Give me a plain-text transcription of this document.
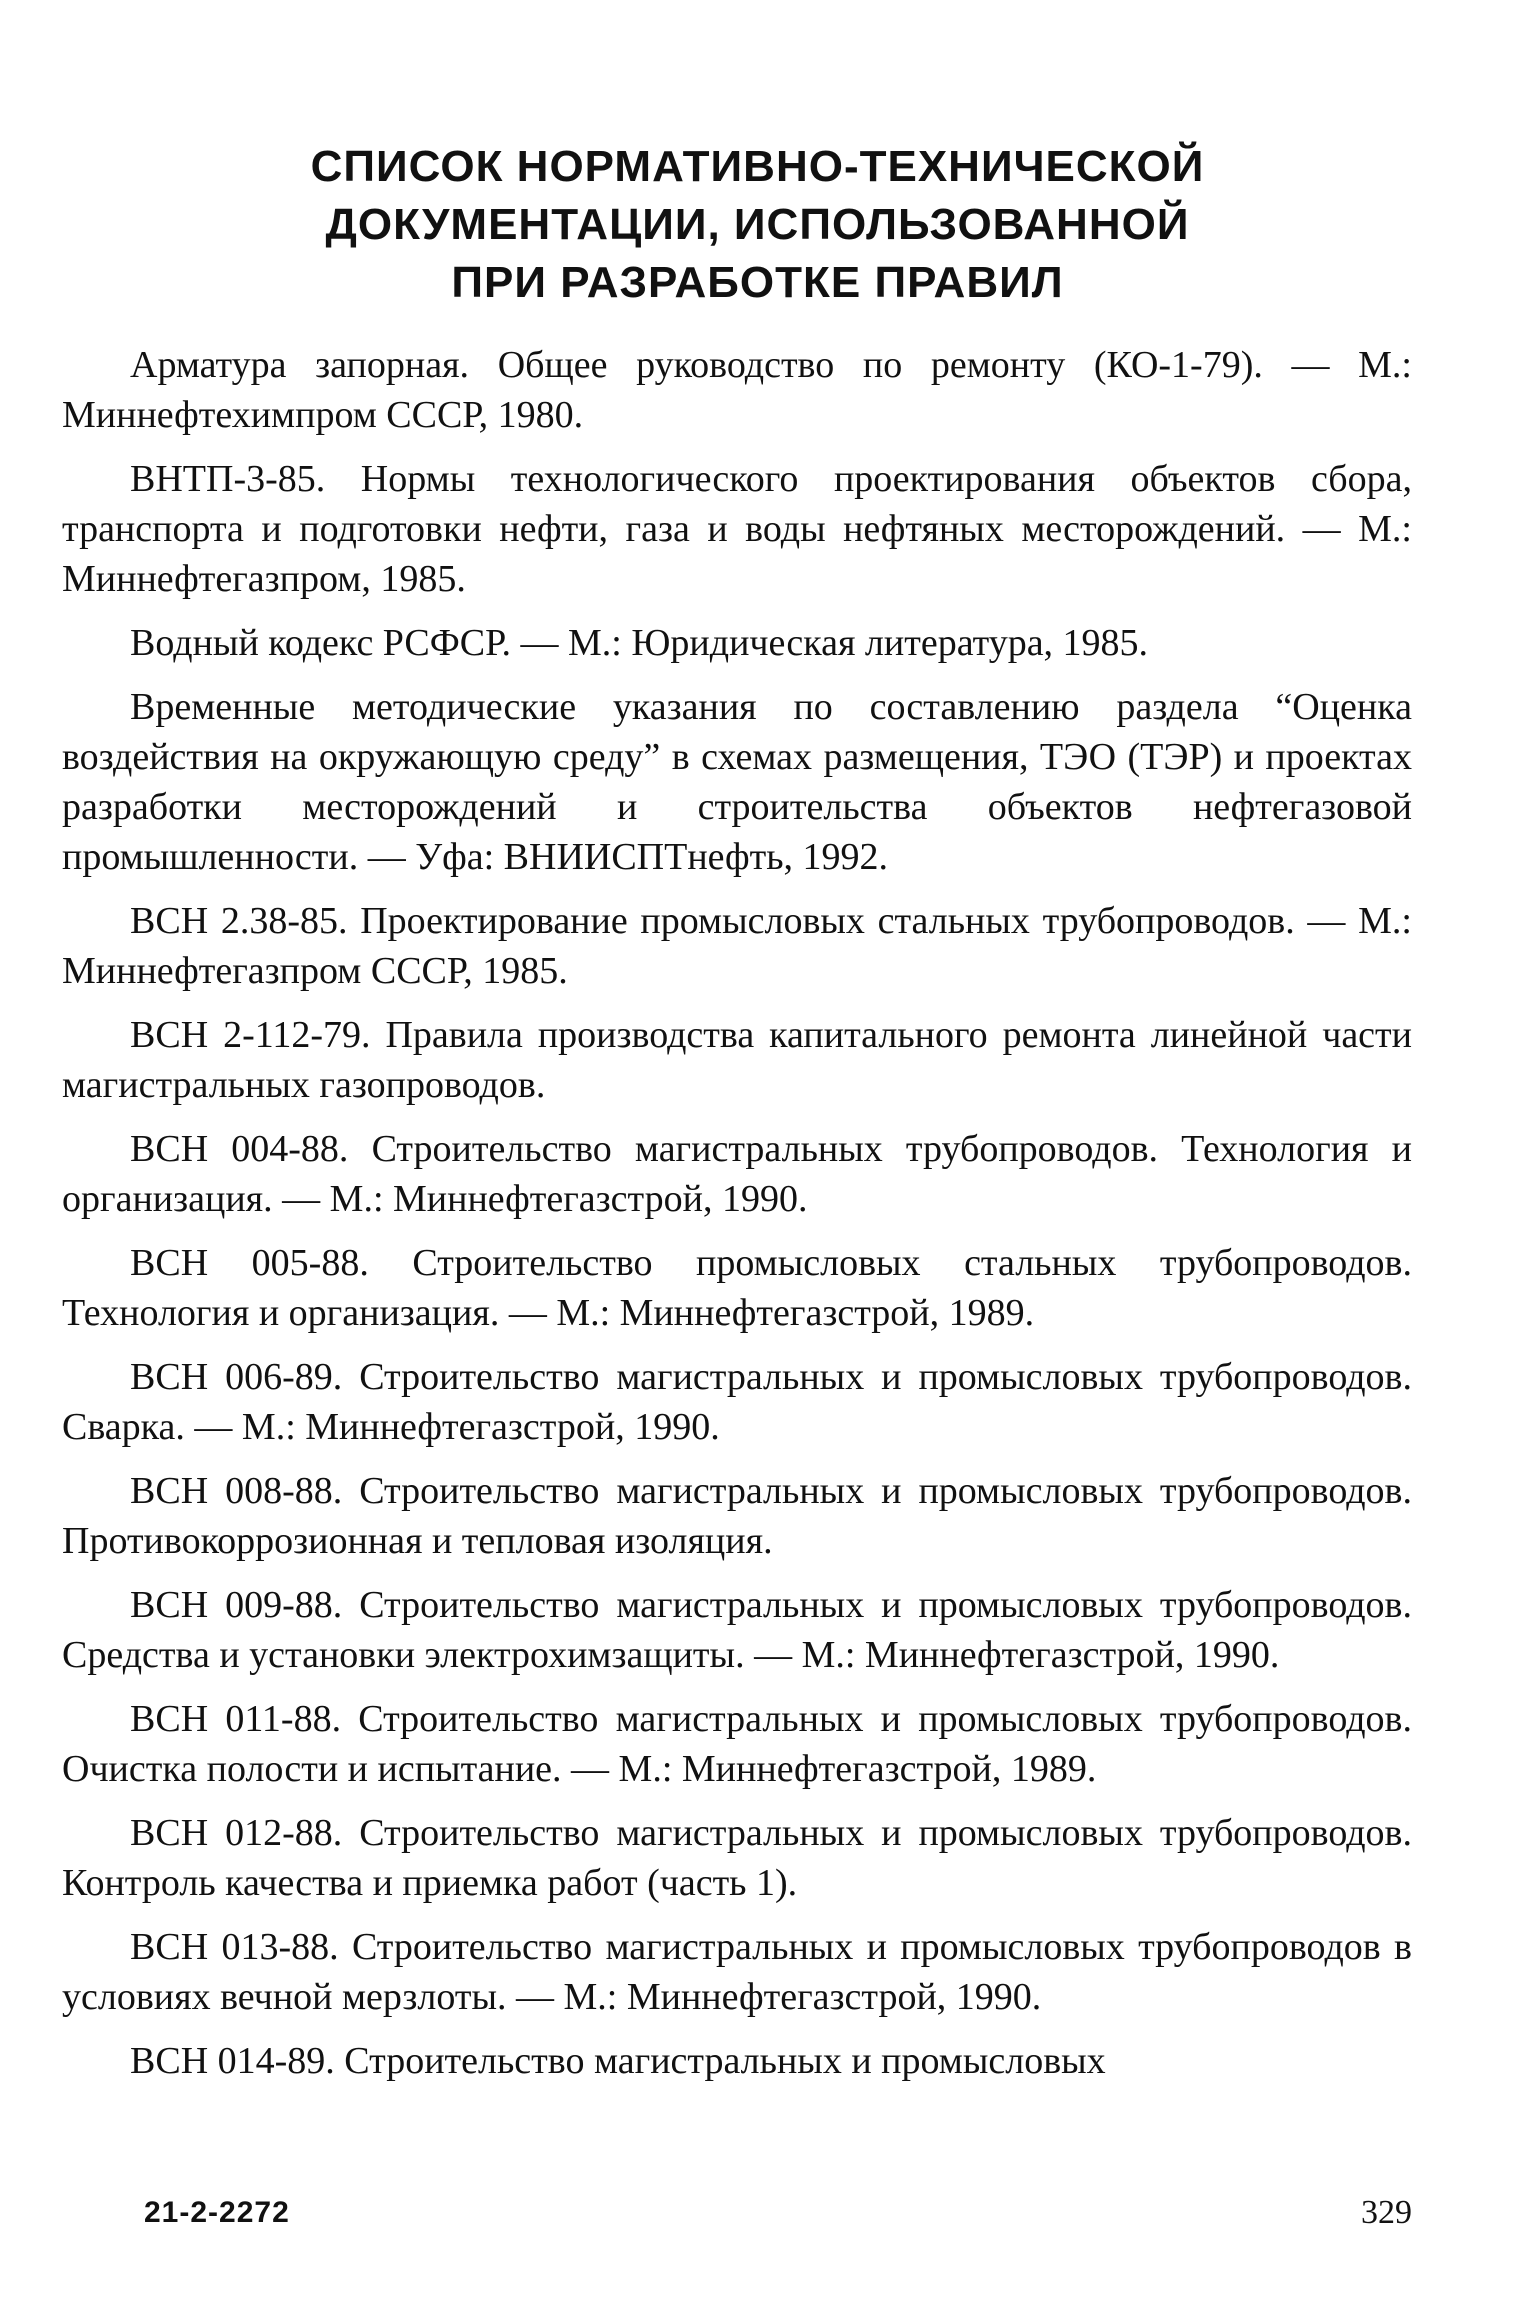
СПИСОК НОРМАТИВНО-ТЕХНИЧЕСКОЙ
ДОКУМЕНТАЦИИ, ИСПОЛЬЗОВАННОЙ
ПРИ РАЗРАБОТКЕ ПРАВИЛ

Арматура запорная. Общее руководство по ремонту (КО-1-79). — М.: Миннефтехимпром СССР, 1980.

ВНТП-3-85. Нормы технологического проектирования объектов сбора, транспорта и подготовки нефти, газа и воды нефтяных месторождений. — М.: Миннефтегазпром, 1985.

Водный кодекс РСФСР. — М.: Юридическая литература, 1985.

Временные методические указания по составлению раздела “Оценка воздействия на окружающую среду” в схемах размещения, ТЭО (ТЭР) и проектах разработки месторождений и строительства объектов нефтегазовой промышленности. — Уфа: ВНИИСПТнефть, 1992.

ВСН 2.38-85. Проектирование промысловых стальных трубопроводов. — М.: Миннефтегазпром СССР, 1985.

ВСН 2-112-79. Правила производства капитального ремонта линейной части магистральных газопроводов.

ВСН 004-88. Строительство магистральных трубопроводов. Технология и организация. — М.: Миннефтегазстрой, 1990.

ВСН 005-88. Строительство промысловых стальных трубопроводов. Технология и организация. — М.: Миннефтегазстрой, 1989.

ВСН 006-89. Строительство магистральных и промысловых трубопроводов. Сварка. — М.: Миннефтегазстрой, 1990.

ВСН 008-88. Строительство магистральных и промысловых трубопроводов. Противокоррозионная и тепловая изоляция.

ВСН 009-88. Строительство магистральных и промысловых трубопроводов. Средства и установки электрохимзащиты. — М.: Миннефтегазстрой, 1990.

ВСН 011-88. Строительство магистральных и промысловых трубопроводов. Очистка полости и испытание. — М.: Миннефтегазстрой, 1989.

ВСН 012-88. Строительство магистральных и промысловых трубопроводов. Контроль качества и приемка работ (часть 1).

ВСН 013-88. Строительство магистральных и промысловых трубопроводов в условиях вечной мерзлоты. — М.: Миннефтегазстрой, 1990.

ВСН 014-89. Строительство магистральных и промысловых

21-2-2272	329
